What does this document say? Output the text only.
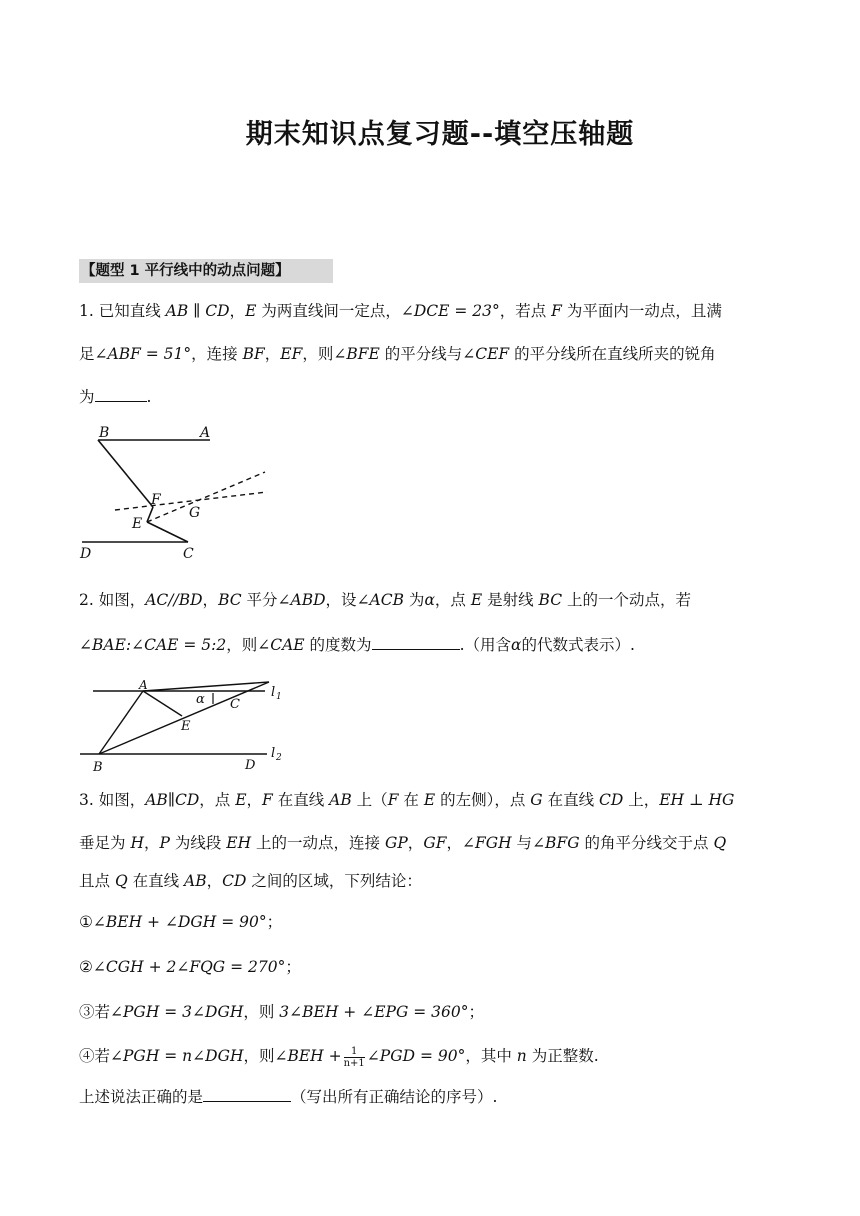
期末知识点复习题--填空压轴题
【题型 1 平行线中的动点问题】
1. 已知直线 AB ∥ CD，E 为两直线间一定点，∠DCE = 23°，若点 F 为平面内一动点，且满
足∠ABF = 51°，连接 BF，EF，则∠BFE 的平分线与∠CEF 的平分线所在直线所夹的锐角
为	.
B	A
F
G
E
D	C
2. 如图，AC//BD，BC 平分∠ABD，设∠ACB 为α，点 E 是射线 BC 上的一个动点，若
∠BAE:∠CAE = 5:2，则∠CAE 的度数为	.（用含α的代数式表示）.
A
α C
E
l 1
B	D
l 2
3. 如图，AB∥CD，点 E，F 在直线 AB 上（F 在 E 的左侧），点 G 在直线 CD 上，EH ⊥ HG
垂足为 H，P 为线段 EH 上的一动点，连接 GP，GF，∠FGH 与∠BFG 的角平分线交于点 Q
且点 Q 在直线 AB，CD 之间的区域，下列结论：
①∠BEH + ∠DGH = 90°；
②∠CGH + 2∠FQG = 270°；
③若∠PGH = 3∠DGH，则 3∠BEH + ∠EPG = 360°；
④若∠PGH = n∠DGH，则∠BEH + $\frac{1}{n+1}$ ∠PGD = 90°，其中 n 为正整数.
上述说法正确的是	（写出所有正确结论的序号）.
